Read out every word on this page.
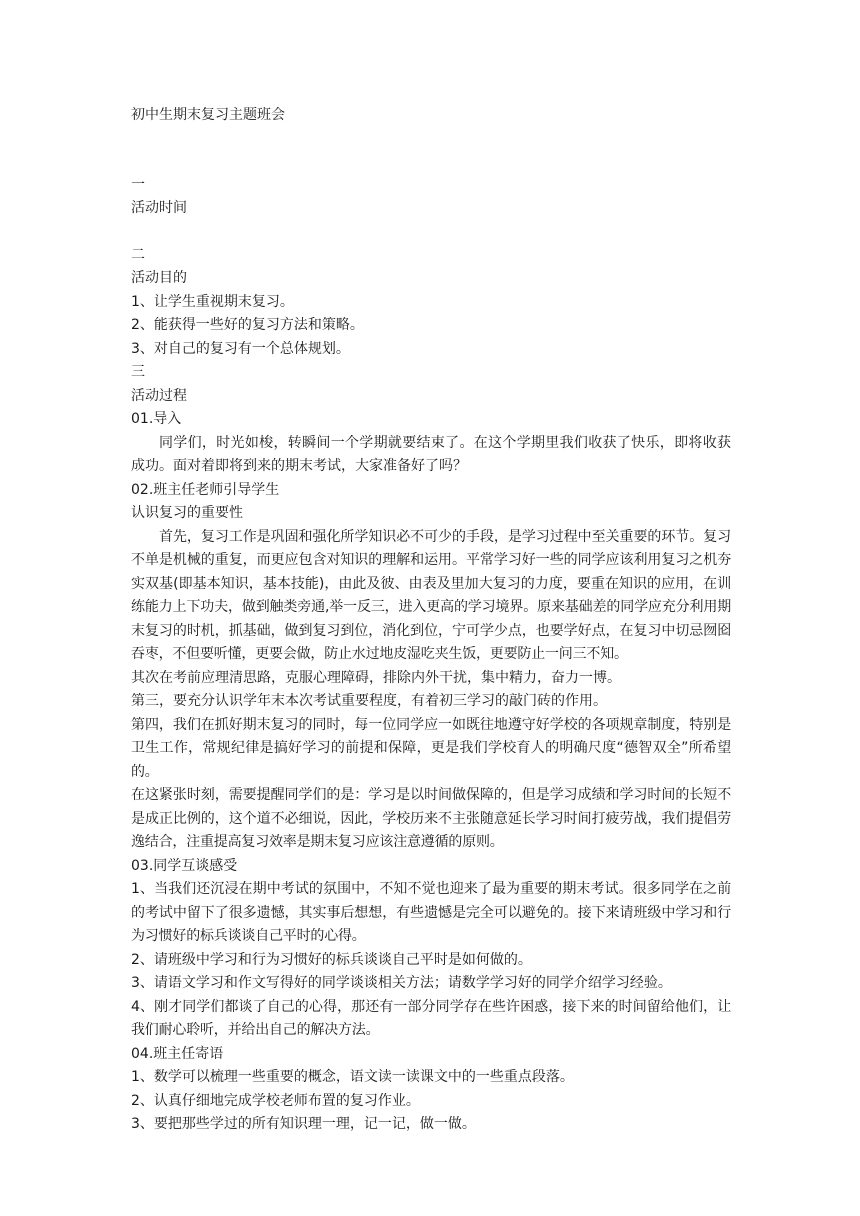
初中生期末复习主题班会
一
活动时间
二
活动目的
1、让学生重视期末复习。
2、能获得一些好的复习方法和策略。
3、对自己的复习有一个总体规划。
三
活动过程
01.导入

同学们，时光如梭，转瞬间一个学期就要结束了。在这个学期里我们收获了快乐，即将收获成功。面对着即将到来的期末考试，大家准备好了吗？

02.班主任老师引导学生
认识复习的重要性

首先，复习工作是巩固和强化所学知识必不可少的手段，是学习过程中至关重要的环节。复习不单是机械的重复，而更应包含对知识的理解和运用。平常学习好一些的同学应该利用复习之机夯实双基(即基本知识，基本技能)，由此及彼、由表及里加大复习的力度，要重在知识的应用，在训练能力上下功夫，做到触类旁通,举一反三，进入更高的学习境界。原来基础差的同学应充分利用期末复习的时机，抓基础，做到复习到位，消化到位，宁可学少点，也要学好点，在复习中切忌囫囵吞枣，不但要听懂，更要会做，防止水过地皮湿吃夹生饭，更要防止一问三不知。

其次在考前应理清思路，克服心理障碍，排除内外干扰，集中精力，奋力一博。

第三，要充分认识学年末本次考试重要程度，有着初三学习的敲门砖的作用。

第四，我们在抓好期末复习的同时，每一位同学应一如既往地遵守好学校的各项规章制度，特别是卫生工作，常规纪律是搞好学习的前提和保障，更是我们学校育人的明确尺度“德智双全”所希望的。

在这紧张时刻，需要提醒同学们的是：学习是以时间做保障的，但是学习成绩和学习时间的长短不是成正比例的，这个道不必细说，因此，学校历来不主张随意延长学习时间打疲劳战，我们提倡劳逸结合，注重提高复习效率是期末复习应该注意遵循的原则。

03.同学互谈感受

1、当我们还沉浸在期中考试的氛围中，不知不觉也迎来了最为重要的期末考试。很多同学在之前的考试中留下了很多遗憾，其实事后想想，有些遗憾是完全可以避免的。接下来请班级中学习和行为习惯好的标兵谈谈自己平时的心得。

2、请班级中学习和行为习惯好的标兵谈谈自己平时是如何做的。

3、请语文学习和作文写得好的同学谈谈相关方法；请数学学习好的同学介绍学习经验。

4、刚才同学们都谈了自己的心得，那还有一部分同学存在些许困惑，接下来的时间留给他们，让我们耐心聆听，并给出自己的解决方法。

04.班主任寄语

1、数学可以梳理一些重要的概念，语文读一读课文中的一些重点段落。

2、认真仔细地完成学校老师布置的复习作业。

3、要把那些学过的所有知识理一理，记一记，做一做。
